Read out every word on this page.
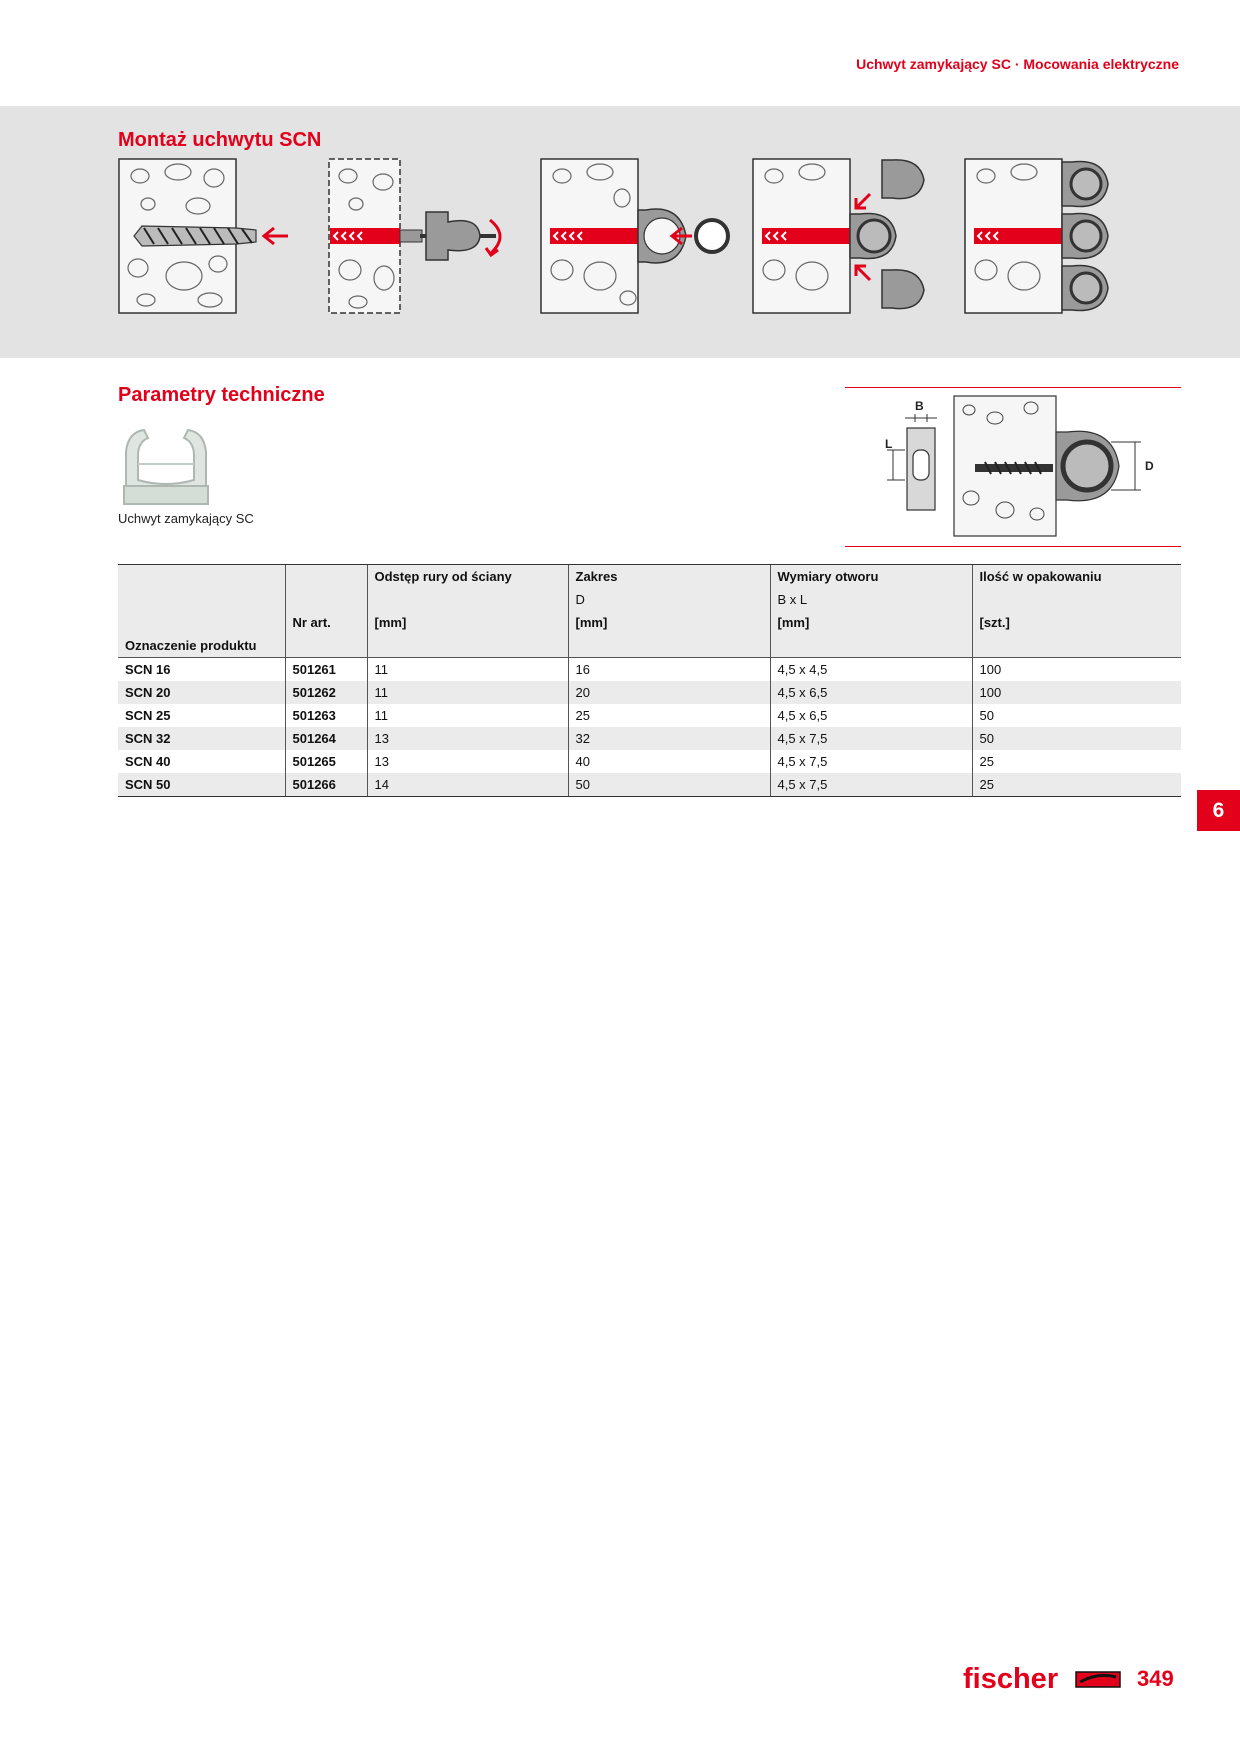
Uchwyt zamykający SC · Mocowania elektryczne
Montaż uchwytu SCN
Parametry techniczne
Uchwyt zamykający SC
B
L
D
		Odstęp rury od ściany	Zakres	Wymiary otworu	Ilość w opakowaniu
			D	B x L	
	Nr art.	[mm]	[mm]	[mm]	[szt.]
Oznaczenie produktu					
SCN 16	501261	11	16	4,5 x 4,5	100
SCN 20	501262	11	20	4,5 x 6,5	100
SCN 25	501263	11	25	4,5 x 6,5	50
SCN 32	501264	13	32	4,5 x 7,5	50
SCN 40	501265	13	40	4,5 x 7,5	25
SCN 50	501266	14	50	4,5 x 7,5	25
6
fischer	349
